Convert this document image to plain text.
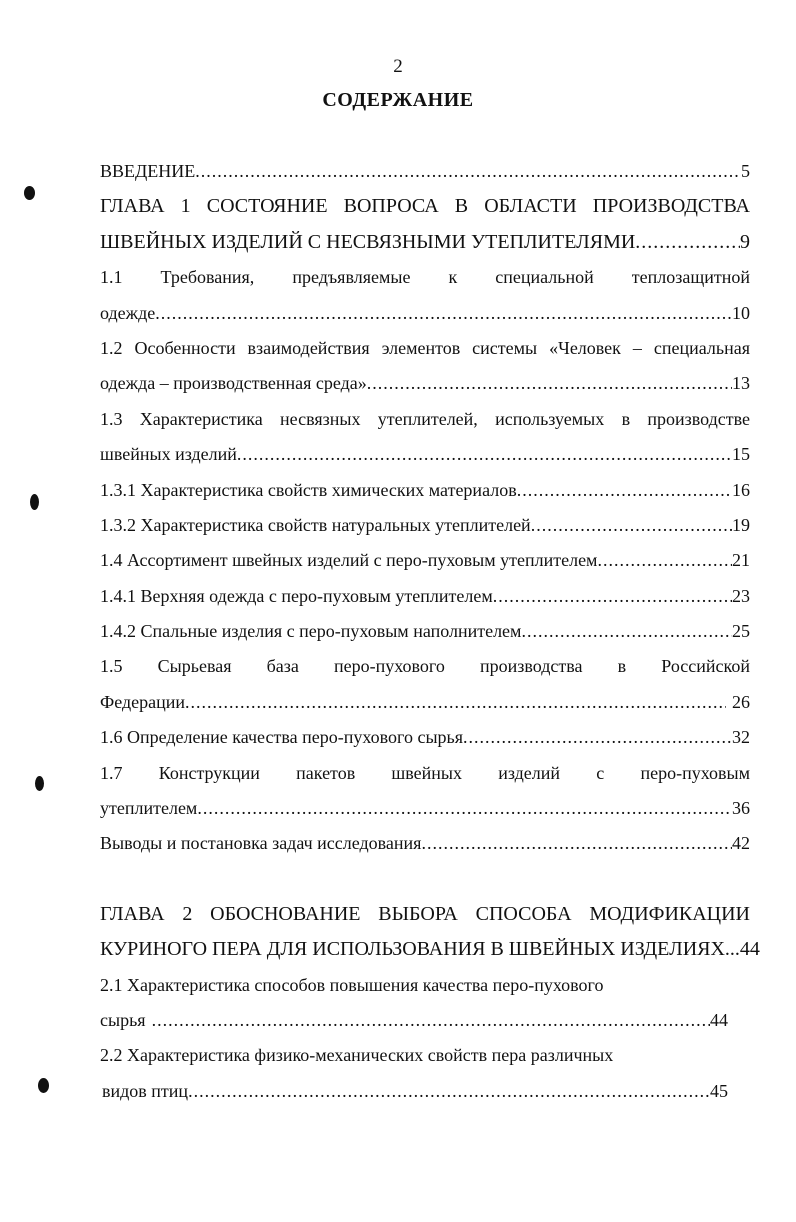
2
СОДЕРЖАНИЕ
ВВЕДЕНИЕ .....	5
ГЛАВА 1 СОСТОЯНИЕ ВОПРОСА В ОБЛАСТИ ПРОИЗВОДСТВА
ШВЕЙНЫХ ИЗДЕЛИЙ С НЕСВЯЗНЫМИ УТЕПЛИТЕЛЯМИ .....	9
1.1 Требования, предъявляемые к специальной теплозащитной
одежде .....	10
1.2 Особенности взаимодействия элементов системы «Человек – специальная
одежда – производственная среда» .....	13
1.3 Характеристика несвязных утеплителей, используемых в производстве
швейных изделий .....	15
1.3.1 Характеристика свойств химических материалов .....	16
1.3.2 Характеристика свойств натуральных утеплителей .....	19
1.4 Ассортимент швейных изделий с перо-пуховым утеплителем .....	21
1.4.1 Верхняя одежда с перо-пуховым утеплителем .....	23
1.4.2 Спальные изделия с перо-пуховым наполнителем .....	25
1.5 Сырьевая база перо-пухового производства в Российской
Федерации .....	26
1.6 Определение качества перо-пухового сырья .....	32
1.7 Конструкции пакетов швейных изделий с перо-пуховым
утеплителем .....	36
Выводы и постановка задач исследования .....	42
ГЛАВА 2 ОБОСНОВАНИЕ ВЫБОРА СПОСОБА МОДИФИКАЦИИ
КУРИНОГО ПЕРА ДЛЯ ИСПОЛЬЗОВАНИЯ В ШВЕЙНЫХ ИЗДЕЛИЯХ...44
2.1 Характеристика способов повышения качества перо-пухового
сырья .....	44
2.2 Характеристика физико-механических свойств пера различных
видов птиц .....	45
